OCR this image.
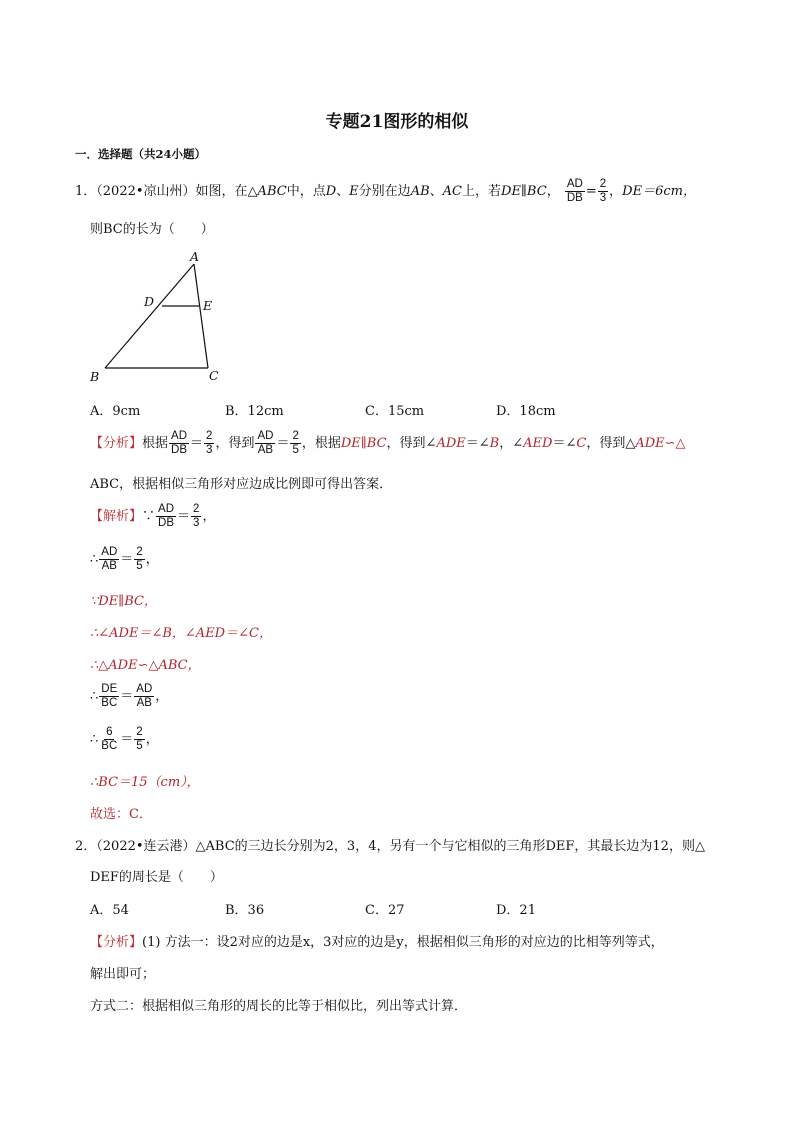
专题21图形的相似
一．选择题（共24小题）
1．（2022•凉山州）如图，在△ABC中，点D、E分别在边AB、AC上，若DE∥BC， $\frac{AD}{DB} = \frac{2}{3}$ ，DE＝6cm，
则BC的长为（　　）
A
D	E
B	C
A．9cm	B．12cm	C．15cm	D．18cm
【分析】根据 $\frac{AD}{DB} = \frac{2}{3}$ ，得到 $\frac{AD}{AB} = \frac{2}{5}$ ，根据DE∥BC，得到∠ADE＝∠B，∠AED＝∠C，得到△ADE∽△
ABC，根据相似三角形对应边成比例即可得出答案．
【解析】∵ $\frac{AD}{DB} = \frac{2}{3}$ ，
∴ $\frac{AD}{AB} = \frac{2}{5}$ ，
∵DE∥BC，
∴∠ADE＝∠B，∠AED＝∠C，
∴△ADE∽△ABC，
∴ $\frac{DE}{BC} = \frac{AD}{AB}$ ，
∴ $\frac{6}{BC} = \frac{2}{5}$ ，
∴BC＝15（cm），
故选：C．
2．（2022•连云港）△ABC的三边长分别为2，3，4，另有一个与它相似的三角形DEF，其最长边为12，则△
DEF的周长是（　　）
A．54	B．36	C．27	D．21
【分析】(1) 方法一：设2对应的边是x，3对应的边是y，根据相似三角形的对应边的比相等列等式，
解出即可；
方式二：根据相似三角形的周长的比等于相似比，列出等式计算．
